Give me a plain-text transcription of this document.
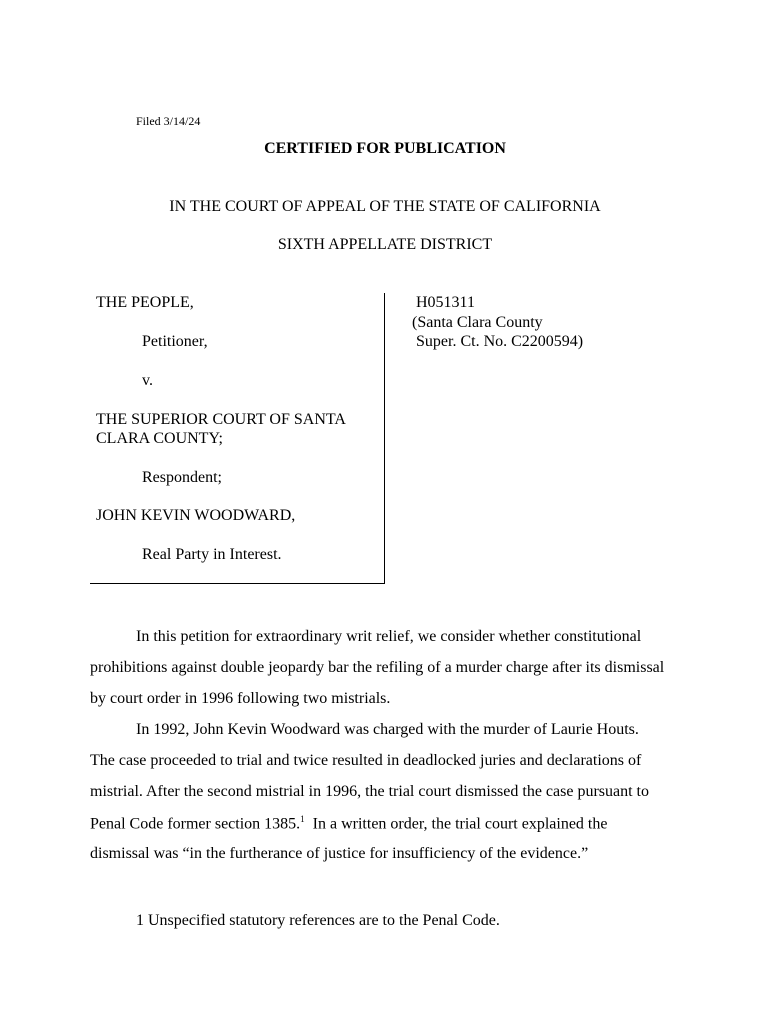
Filed 3/14/24
CERTIFIED FOR PUBLICATION
IN THE COURT OF APPEAL OF THE STATE OF CALIFORNIA
SIXTH APPELLATE DISTRICT
THE PEOPLE,
Petitioner,
v.
THE SUPERIOR COURT OF SANTA
CLARA COUNTY;
Respondent;
JOHN KEVIN WOODWARD,
Real Party in Interest.
H051311
(Santa Clara County
Super. Ct. No. C2200594)
In this petition for extraordinary writ relief, we consider whether constitutional
prohibitions against double jeopardy bar the refiling of a murder charge after its dismissal
by court order in 1996 following two mistrials.
In 1992, John Kevin Woodward was charged with the murder of Laurie Houts.
The case proceeded to trial and twice resulted in deadlocked juries and declarations of
mistrial. After the second mistrial in 1996, the trial court dismissed the case pursuant to
Penal Code former section 1385.$^1$  In a written order, the trial court explained the
dismissal was “in the furtherance of justice for insufficiency of the evidence.”
1 Unspecified statutory references are to the Penal Code.
